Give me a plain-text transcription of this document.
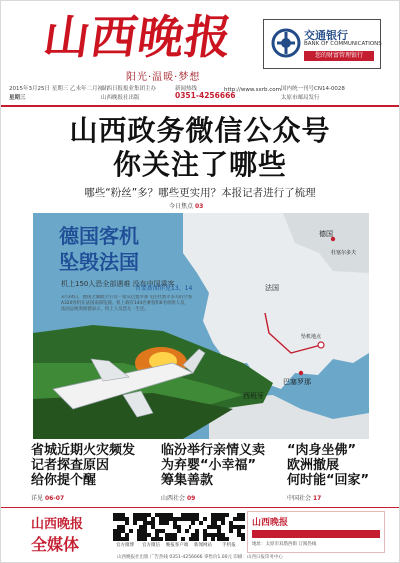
山西晚报
阳光·温暖·梦想
交通银行
BANK OF COMMUNICATIONS
您的财富管理银行
2015年3月25日 星期三 乙未年二月初六
星期三
山西日报报业集团主办
山西晚报社出版
新闻热线
0351-4256666
http://www.sxrb.com 国内统一刊号CN14-0028
太原市邮局发行
山西政务微信公众号
你关注了哪些
哪些“粉丝”多？哪些更实用？本报记者进行了梳理
今日焦点 03
德国客机
坠毁法国
机上150人恐全部遇难 没有中国乘客
3月24日，德国之翼航空公司一架从巴塞罗那飞往杜塞尔多夫的空客A320客机在法国南部坠毁。机上载有144名乘客和6名机组人员，法国总统奥朗德表示，机上人员恐无一生还。
首要新闻详见13、14
德国
法国
西班牙
巴塞罗那
杜塞尔多夫
坠机地点
省城近期火灾频发
记者探查原因
给你提个醒
详见 06-07
临汾举行亲情义卖
为弃婴“小幸福”
筹集善款
山西社会 09
“肉身坐佛”
欧洲撤展
何时能“回家”
中国社会 17
山西晚报
全媒体	官方微博	官方微信	晚报客户端	新闻网站	手机报
山西晚报
地址：太原市双塔西街 订阅热线
山西晚报社出版 广告热线 0351-4256666 零售价1.00元 印刷：山西日报印务中心
